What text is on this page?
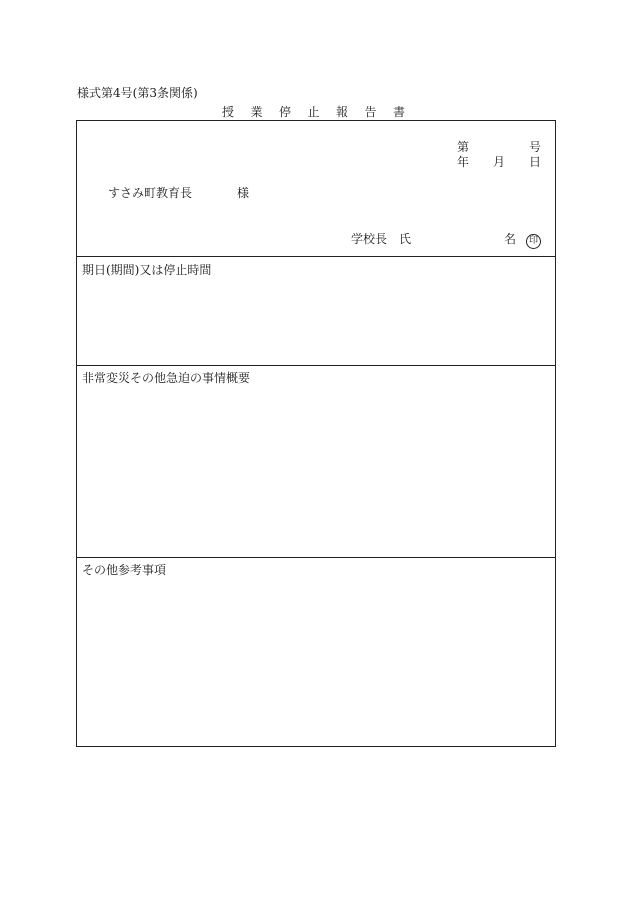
様式第4号(第3条関係)
授業停止報告書
第	号
年 月 日
すさみ町教育長	様
学校長　氏	名	印
期日(期間)又は停止時間
非常変災その他急迫の事情概要
その他参考事項
